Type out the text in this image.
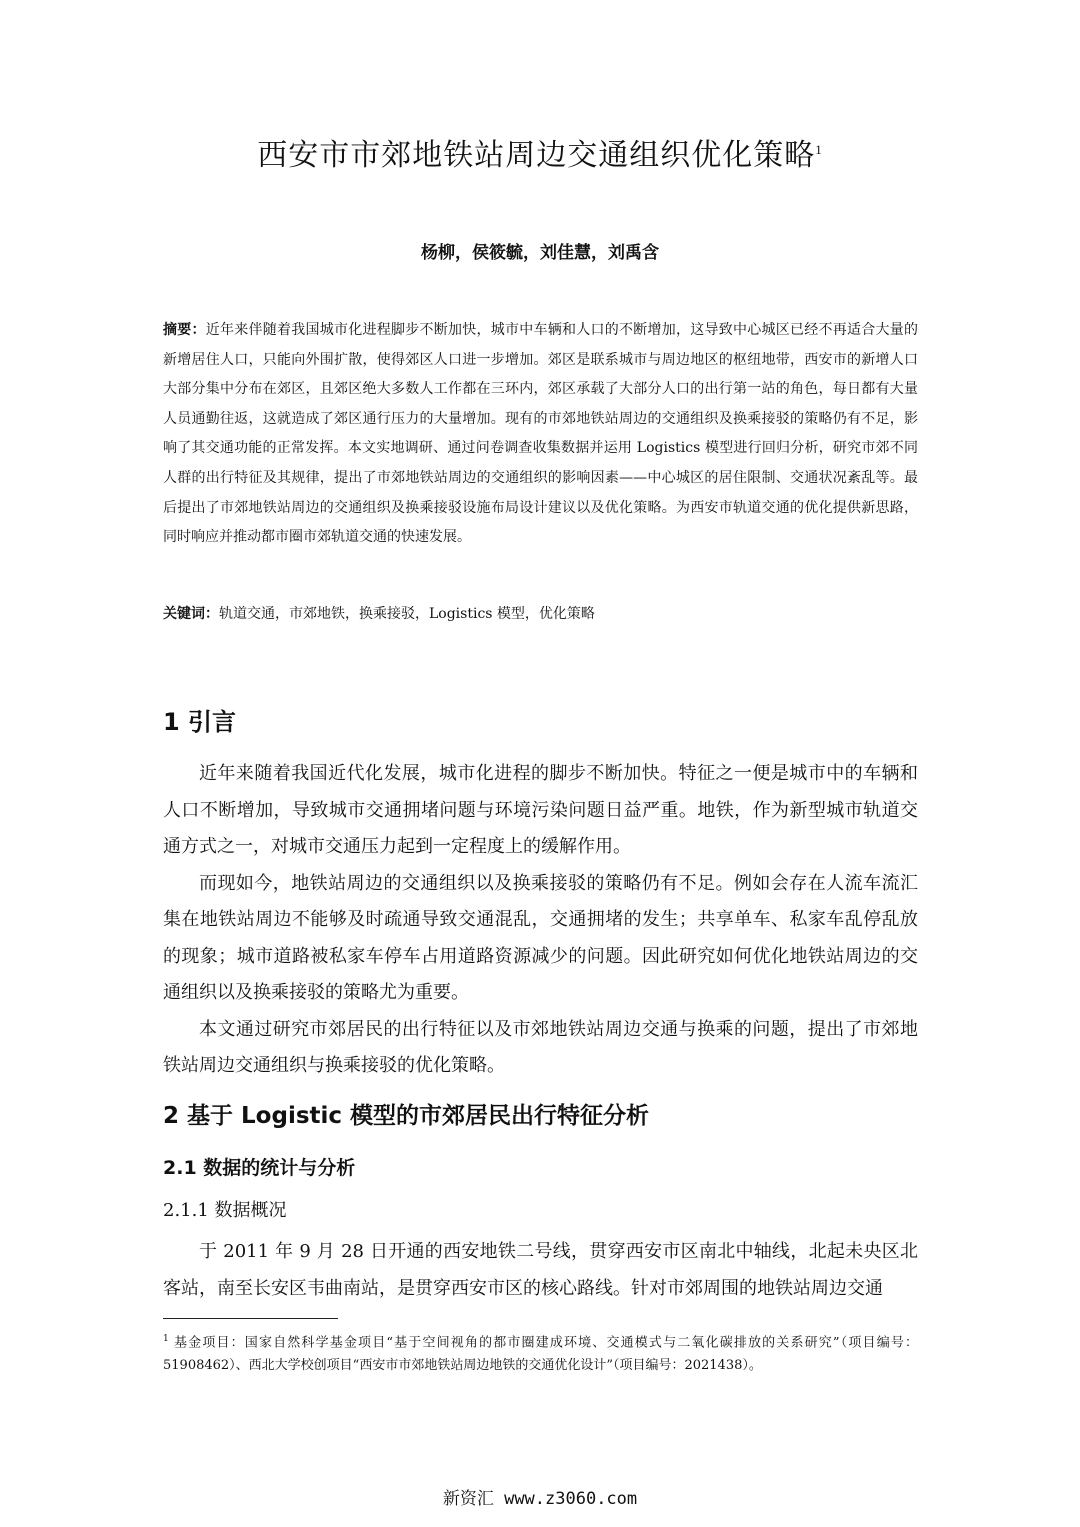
西安市市郊地铁站周边交通组织优化策略$^1$
杨柳，侯筱毓，刘佳慧，刘禹含
摘要：近年来伴随着我国城市化进程脚步不断加快，城市中车辆和人口的不断增加，这导致中心城区已经不再适合大量的新增居住人口，只能向外围扩散，使得郊区人口进一步增加。郊区是联系城市与周边地区的枢纽地带，西安市的新增人口大部分集中分布在郊区，且郊区绝大多数人工作都在三环内，郊区承载了大部分人口的出行第一站的角色，每日都有大量人员通勤往返，这就造成了郊区通行压力的大量增加。现有的市郊地铁站周边的交通组织及换乘接驳的策略仍有不足，影响了其交通功能的正常发挥。本文实地调研、通过问卷调查收集数据并运用 Logistics 模型进行回归分析，研究市郊不同人群的出行特征及其规律，提出了市郊地铁站周边的交通组织的影响因素——中心城区的居住限制、交通状况紊乱等。最后提出了市郊地铁站周边的交通组织及换乘接驳设施布局设计建议以及优化策略。为西安市轨道交通的优化提供新思路，同时响应并推动都市圈市郊轨道交通的快速发展。
关键词：轨道交通，市郊地铁，换乘接驳，Logistics 模型，优化策略
1 引言

近年来随着我国近代化发展，城市化进程的脚步不断加快。特征之一便是城市中的车辆和人口不断增加，导致城市交通拥堵问题与环境污染问题日益严重。地铁，作为新型城市轨道交通方式之一，对城市交通压力起到一定程度上的缓解作用。

而现如今，地铁站周边的交通组织以及换乘接驳的策略仍有不足。例如会存在人流车流汇集在地铁站周边不能够及时疏通导致交通混乱，交通拥堵的发生；共享单车、私家车乱停乱放的现象；城市道路被私家车停车占用道路资源减少的问题。因此研究如何优化地铁站周边的交通组织以及换乘接驳的策略尤为重要。

本文通过研究市郊居民的出行特征以及市郊地铁站周边交通与换乘的问题，提出了市郊地铁站周边交通组织与换乘接驳的优化策略。

2 基于 Logistic 模型的市郊居民出行特征分析
2.1 数据的统计与分析
2.1.1 数据概况

于 2011 年 9 月 28 日开通的西安地铁二号线，贯穿西安市区南北中轴线，北起未央区北客站，南至长安区韦曲南站，是贯穿西安市区的核心路线。针对市郊周围的地铁站周边交通

$^1$ 基金项目：国家自然科学基金项目“基于空间视角的都市圈建成环境、交通模式与二氧化碳排放的关系研究”（项目编号：51908462）、西北大学校创项目“西安市市郊地铁站周边地铁的交通优化设计”（项目编号：2021438）。
新资汇 www.z3060.com
